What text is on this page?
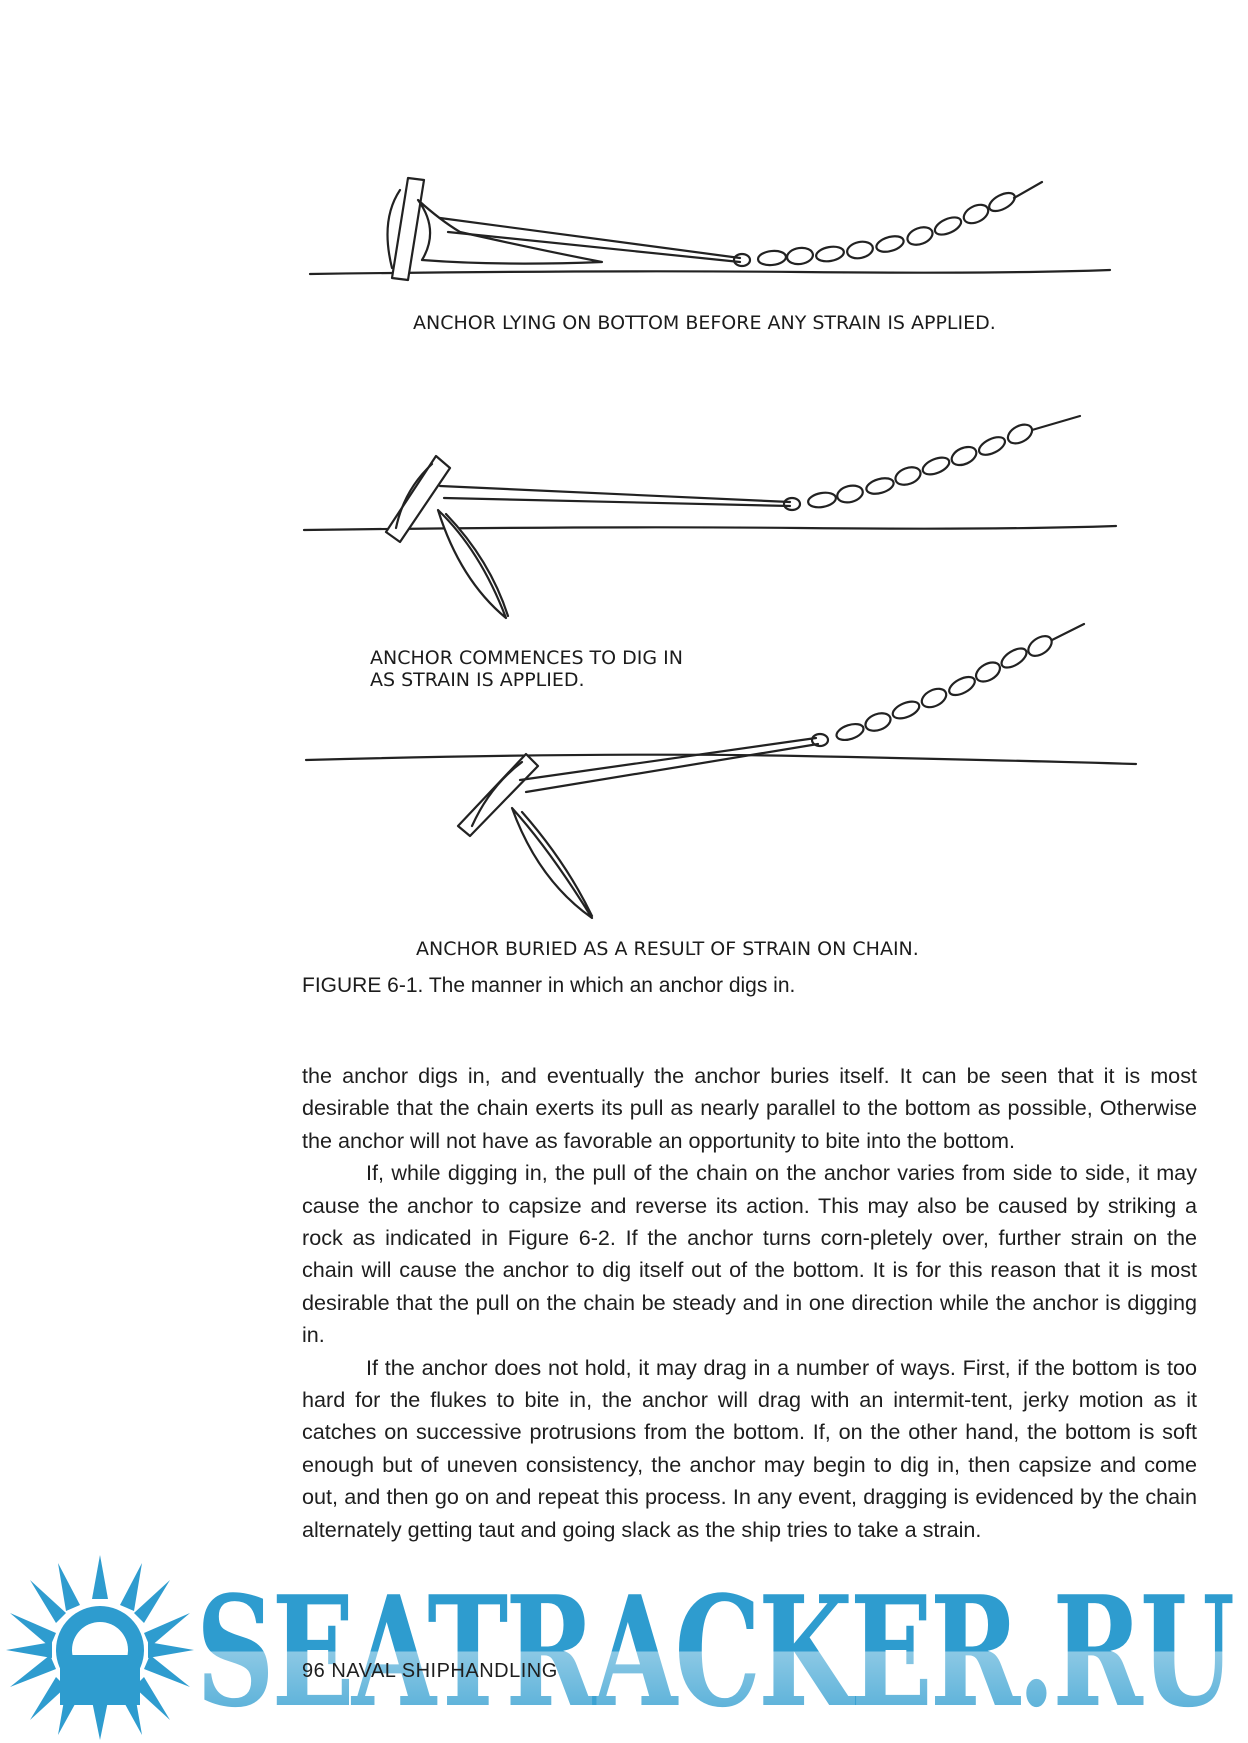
ANCHOR LYING ON BOTTOM BEFORE ANY STRAIN IS APPLIED.
ANCHOR COMMENCES TO DIG IN
AS STRAIN IS APPLIED.
ANCHOR BURIED AS A RESULT OF STRAIN ON CHAIN.
FIGURE 6-1. The manner in which an anchor digs in.

the anchor digs in, and eventually the anchor buries itself. It can be seen that it is most desirable that the chain exerts its pull as nearly parallel to the bottom as possible, Otherwise the anchor will not have as favorable an opportunity to bite into the bottom.

If, while digging in, the pull of the chain on the anchor varies from side to side, it may cause the anchor to capsize and reverse its action. This may also be caused by striking a rock as indicated in Figure 6-2. If the anchor turns corn-pletely over, further strain on the chain will cause the anchor to dig itself out of the bottom. It is for this reason that it is most desirable that the pull on the chain be steady and in one direction while the anchor is digging in.

If the anchor does not hold, it may drag in a number of ways. First, if the bottom is too hard for the flukes to bite in, the anchor will drag with an intermit-tent, jerky motion as it catches on successive protrusions from the bottom. If, on the other hand, the bottom is soft enough but of uneven consistency, the anchor may begin to dig in, then capsize and come out, and then go on and repeat this process. In any event, dragging is evidenced by the chain alternately getting taut and going slack as the ship tries to take a strain.

SEATRACKER.RU
96 NAVAL SHIPHANDLING
